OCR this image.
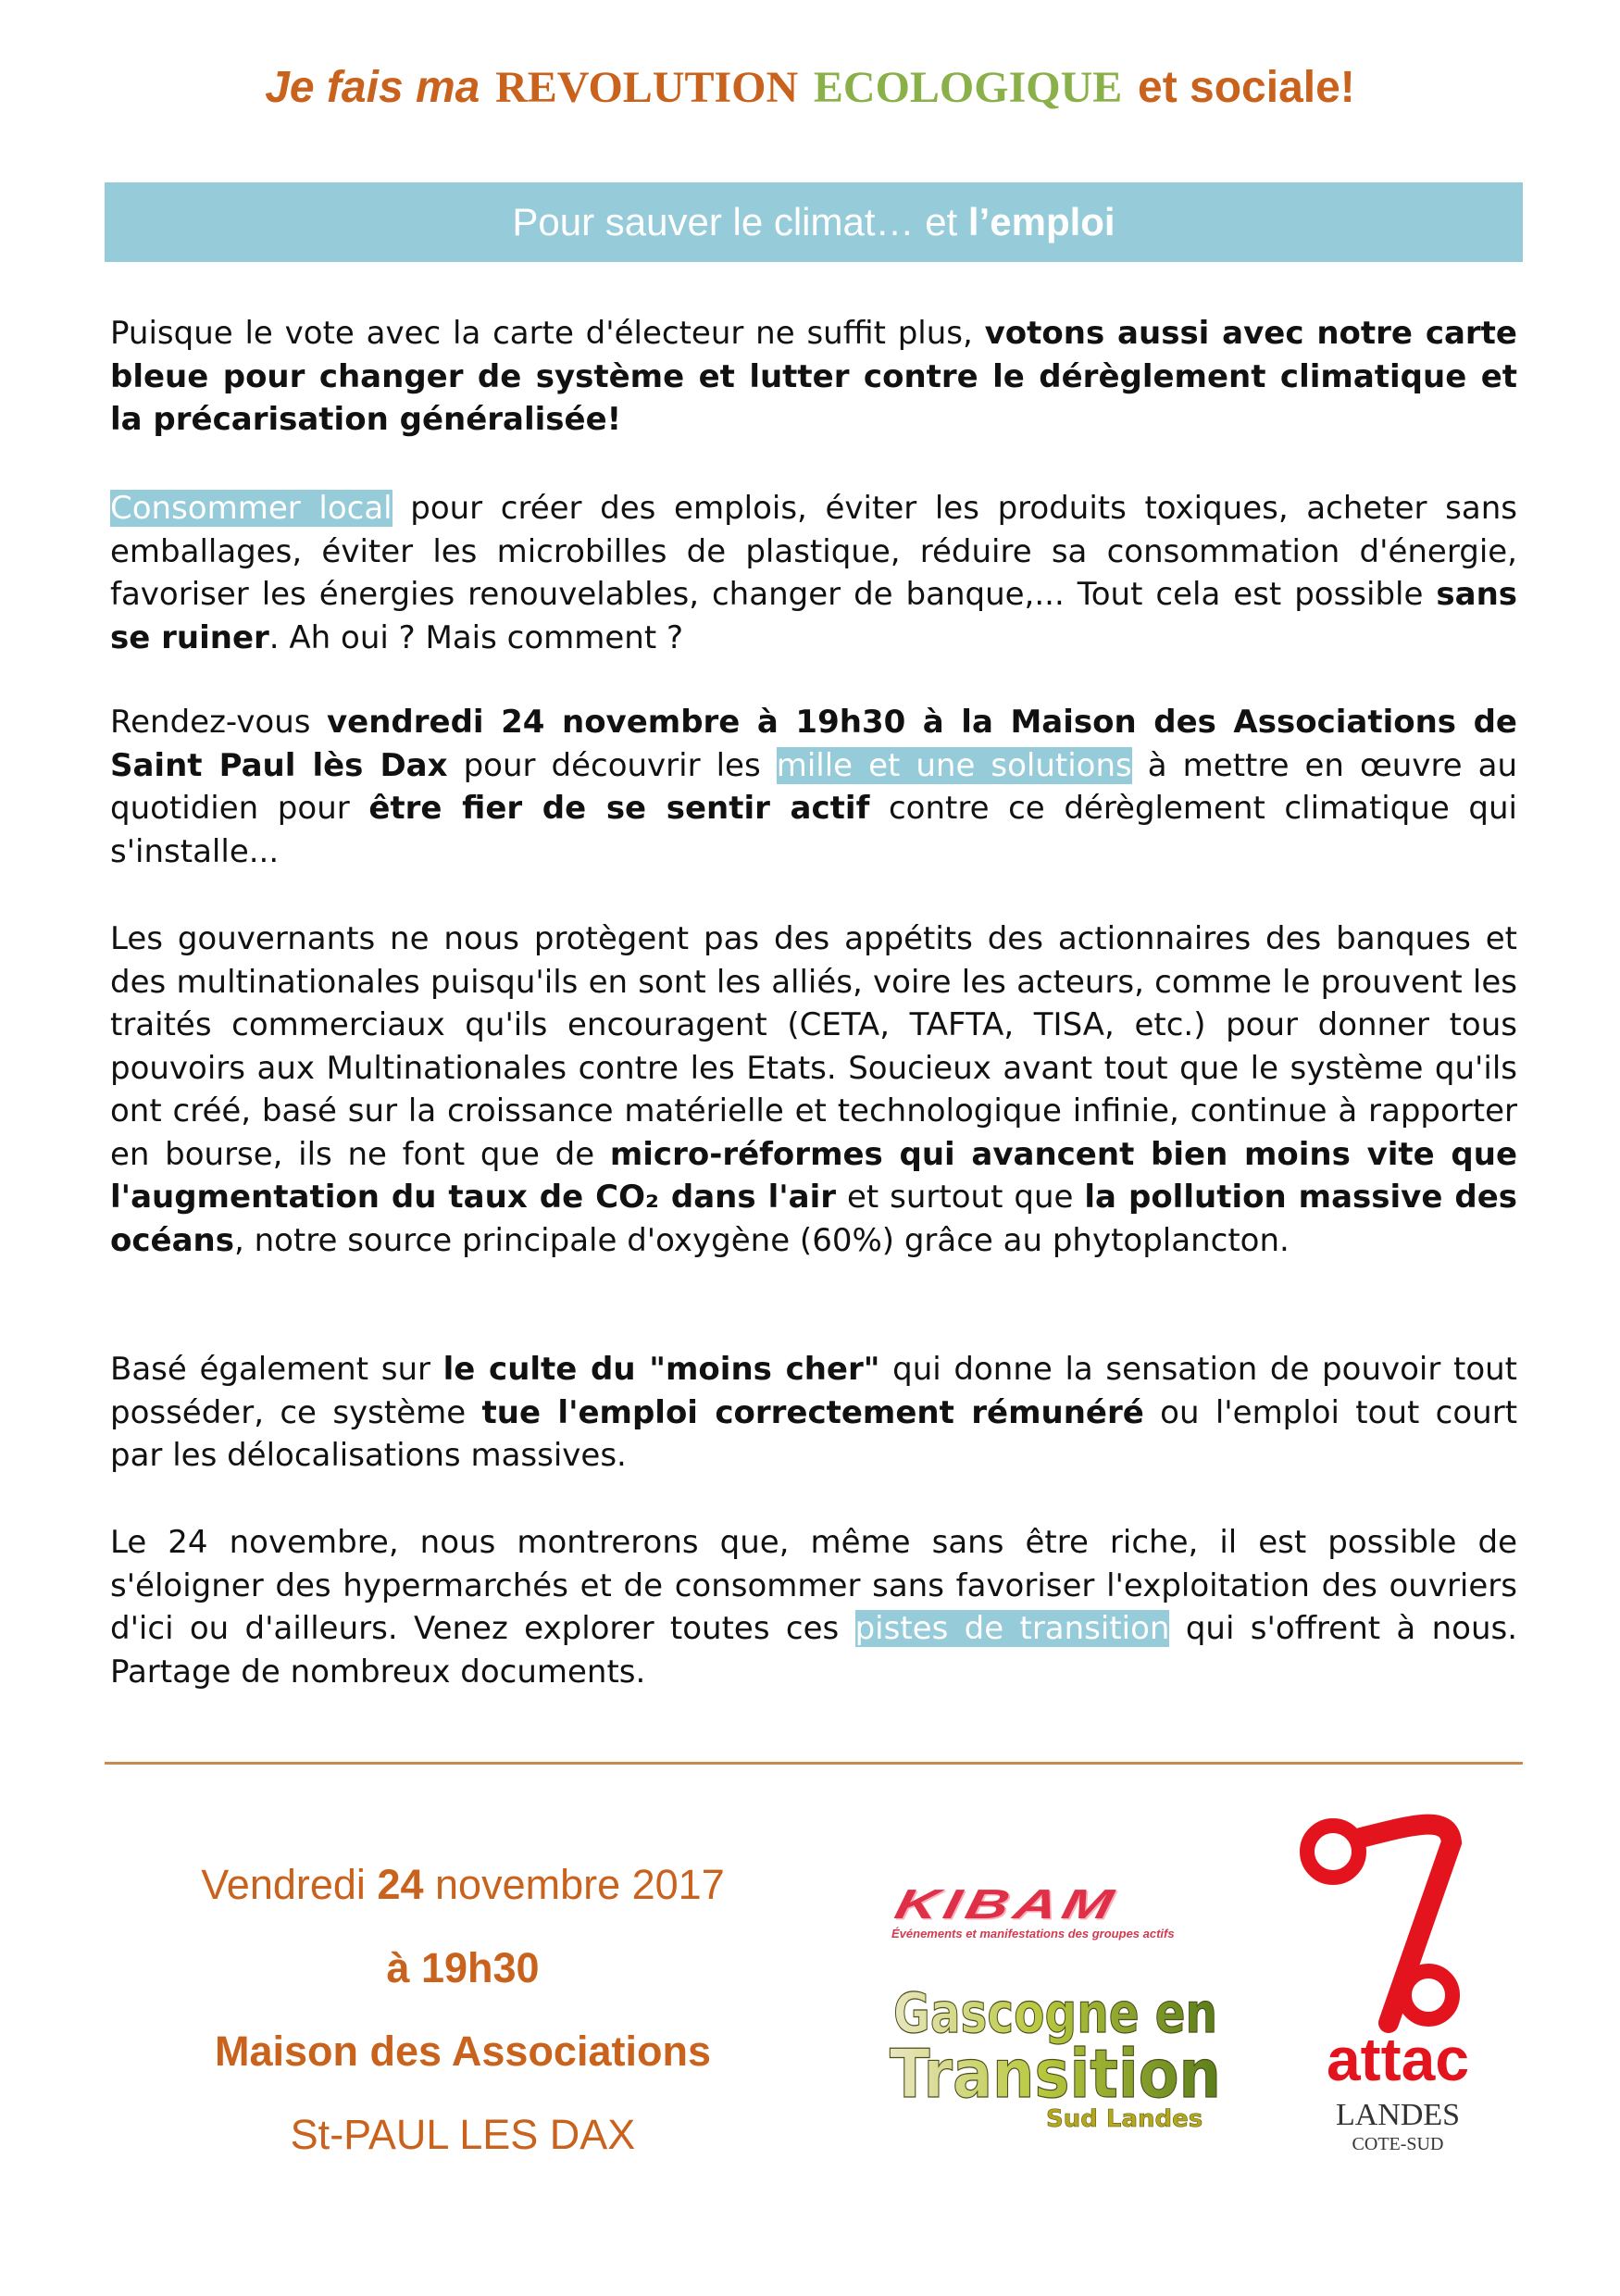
Je fais ma REVOLUTION ECOLOGIQUE et sociale!
Pour sauver le climat… et l’emploi
Puisque le vote avec la carte d'électeur ne suffit plus, votons aussi avec notre carte bleue pour changer de système et lutter contre le dérèglement climatique et la précarisation généralisée!
Consommer local pour créer des emplois, éviter les produits toxiques, acheter sans emballages, éviter les microbilles de plastique, réduire sa consommation d'énergie, favoriser les énergies renouvelables, changer de banque,... Tout cela est possible sans se ruiner. Ah oui ? Mais comment ?
Rendez-vous vendredi 24 novembre à 19h30 à la Maison des Associations de Saint Paul lès Dax pour découvrir les mille et une solutions à mettre en œuvre au quotidien pour être fier de se sentir actif contre ce dérèglement climatique qui s'installe...
Les gouvernants ne nous protègent pas des appétits des actionnaires des banques et des multinationales puisqu'ils en sont les alliés, voire les acteurs, comme le prouvent les traités commerciaux qu'ils encouragent (CETA, TAFTA, TISA, etc.) pour donner tous pouvoirs aux Multinationales contre les Etats. Soucieux avant tout que le système qu'ils ont créé, basé sur la croissance matérielle et technologique infinie, continue à rapporter en bourse, ils ne font que de micro-réformes qui avancent bien moins vite que l'augmentation du taux de CO₂ dans l'air et surtout que la pollution massive des océans, notre source principale d'oxygène (60%) grâce au phytoplancton.
Basé également sur le culte du "moins cher" qui donne la sensation de pouvoir tout posséder, ce système tue l'emploi correctement rémunéré ou l'emploi tout court par les délocalisations massives.
Le 24 novembre, nous montrerons que, même sans être riche, il est possible de s'éloigner des hypermarchés et de consommer sans favoriser l'exploitation des ouvriers d'ici ou d'ailleurs. Venez explorer toutes ces pistes de transition qui s'offrent à nous. Partage de nombreux documents.
Vendredi 24 novembre 2017
à 19h30
Maison des Associations
St-PAUL LES DAX
KIBAM
Événements et manifestations des groupes actifs
Gascogne en
Transition
Sud Landes
attac
LANDES
COTE-SUD
